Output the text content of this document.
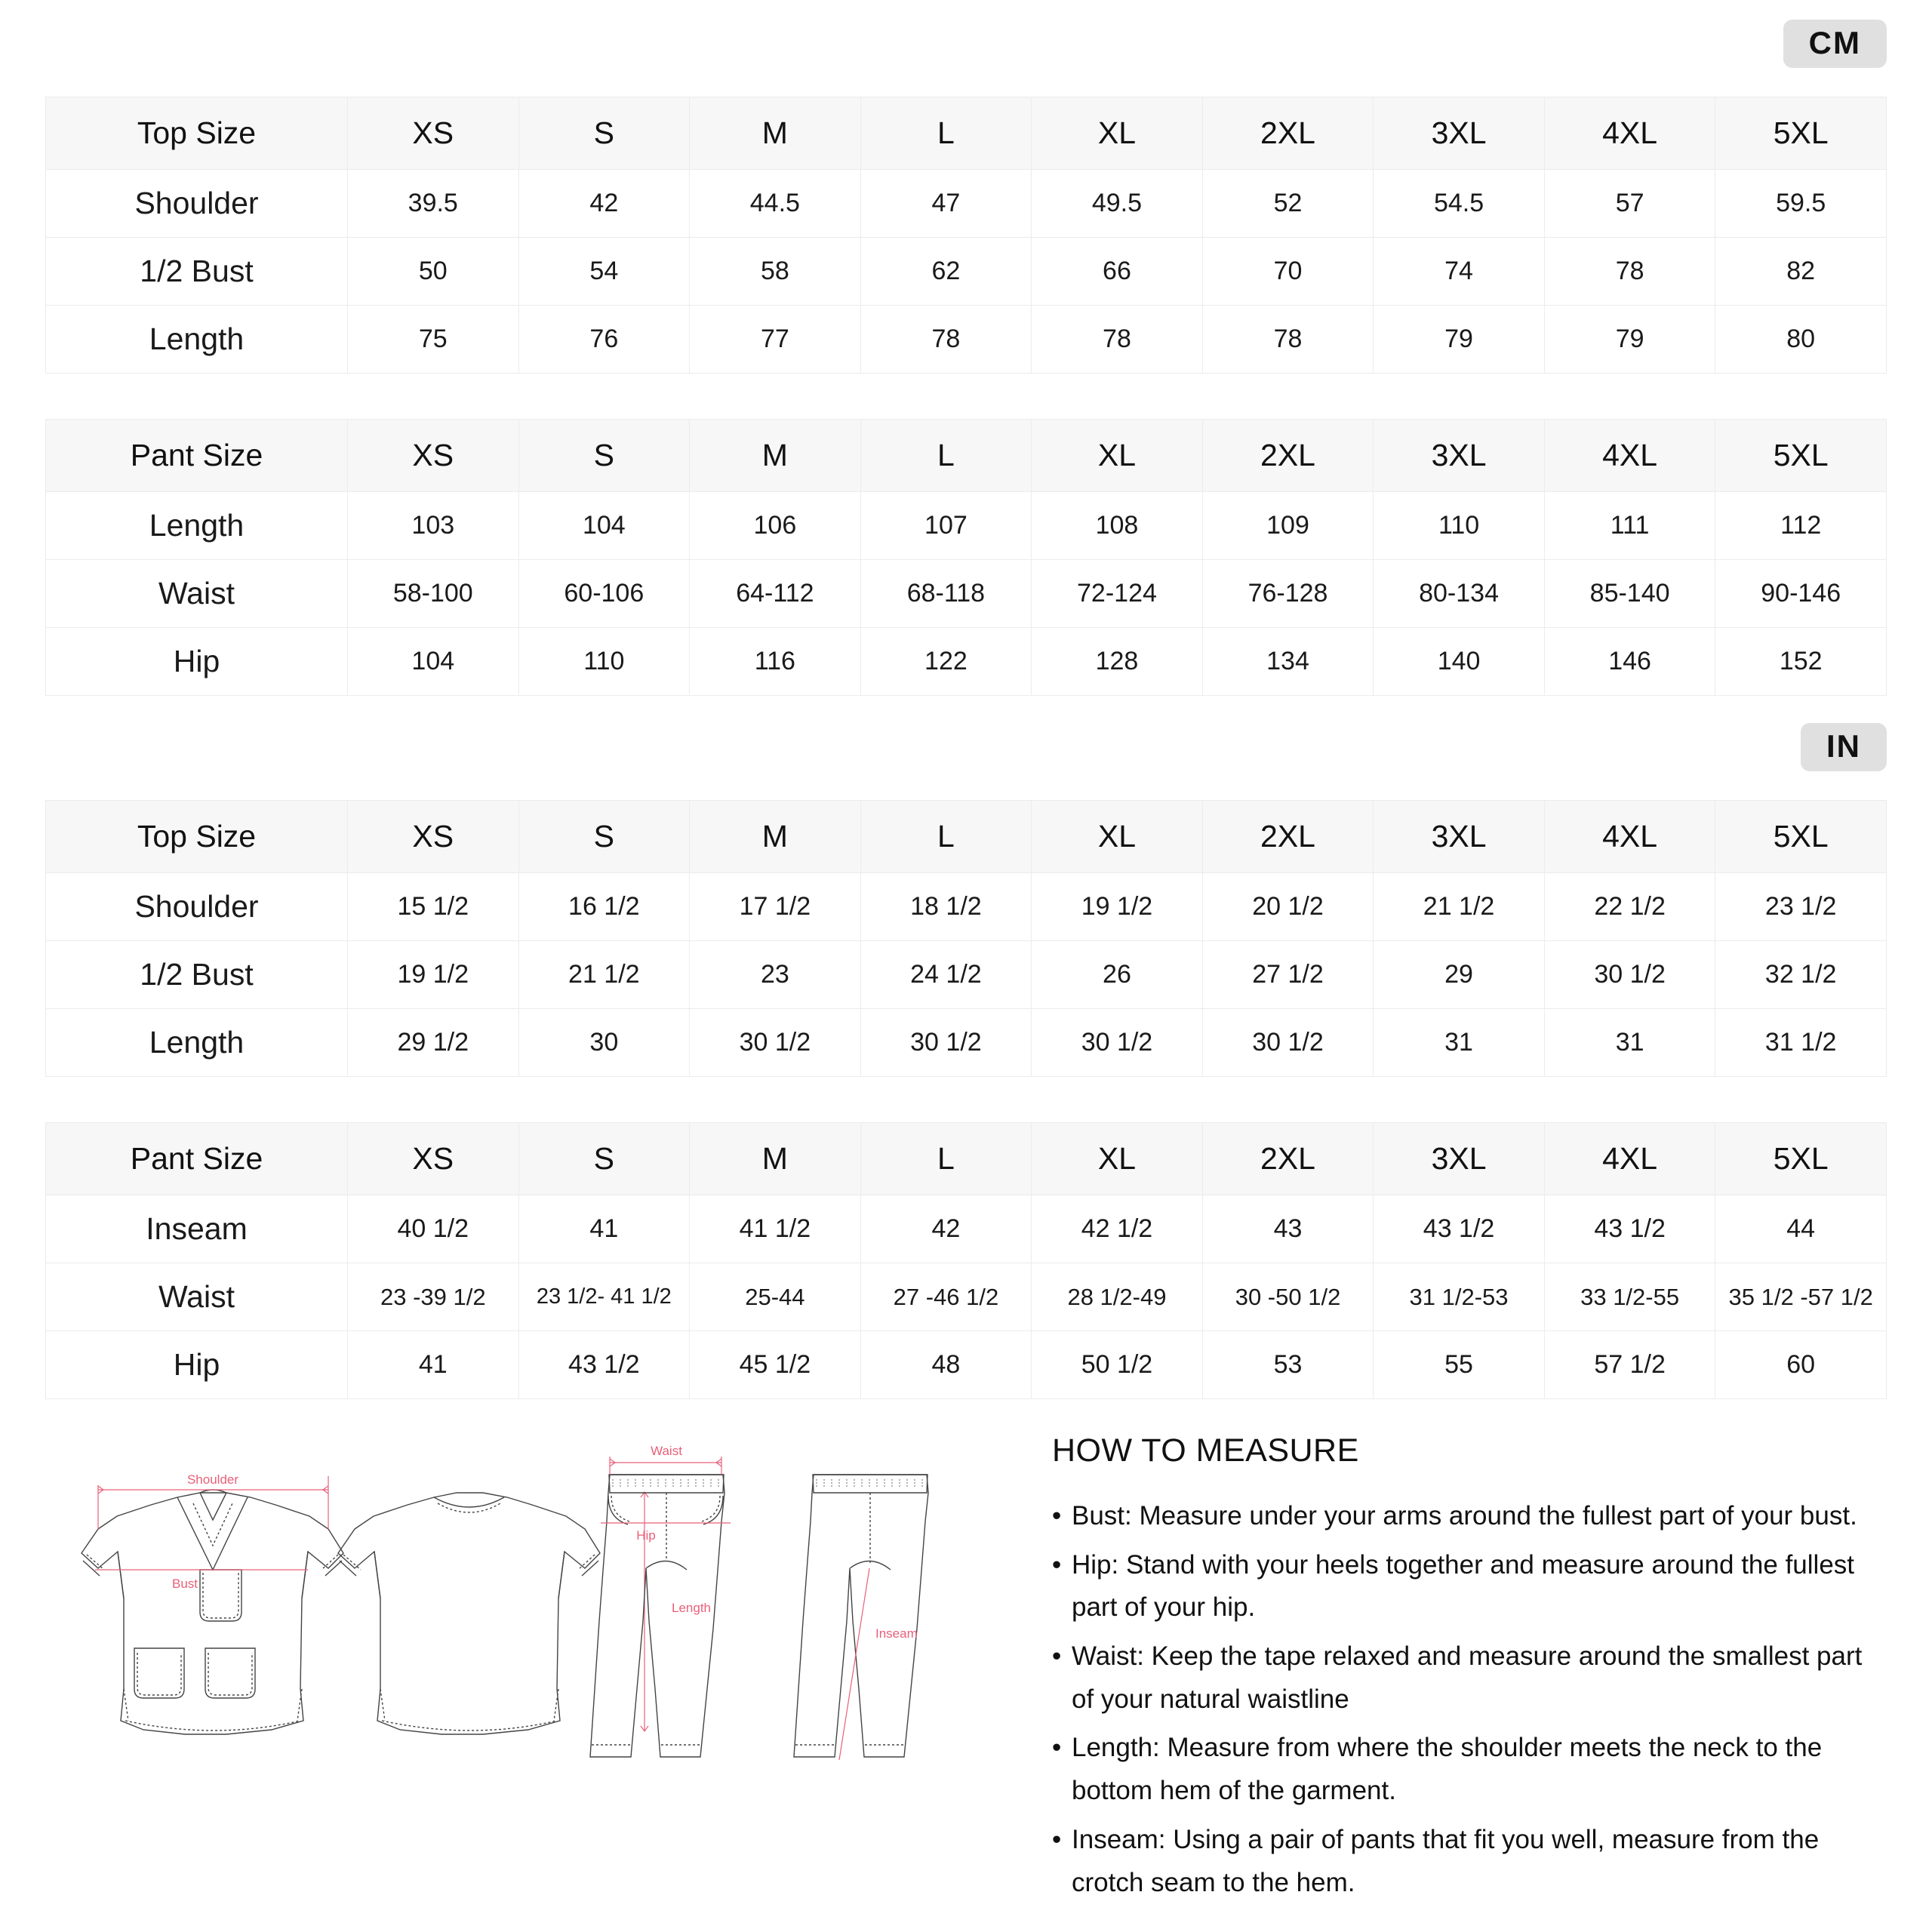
CM
Top Size	XS	S	M	L	XL	2XL	3XL	4XL	5XL
Shoulder	39.5	42	44.5	47	49.5	52	54.5	57	59.5
1/2 Bust	50	54	58	62	66	70	74	78	82
Length	75	76	77	78	78	78	79	79	80
Pant Size	XS	S	M	L	XL	2XL	3XL	4XL	5XL
Length	103	104	106	107	108	109	110	111	112
Waist	58-100	60-106	64-112	68-118	72-124	76-128	80-134	85-140	90-146
Hip	104	110	116	122	128	134	140	146	152
IN
Top Size	XS	S	M	L	XL	2XL	3XL	4XL	5XL
Shoulder	15 1/2	16 1/2	17 1/2	18 1/2	19 1/2	20 1/2	21 1/2	22 1/2	23 1/2
1/2 Bust	19 1/2	21 1/2	23	24 1/2	26	27 1/2	29	30 1/2	32 1/2
Length	29 1/2	30	30 1/2	30 1/2	30 1/2	30 1/2	31	31	31 1/2
Pant Size	XS	S	M	L	XL	2XL	3XL	4XL	5XL
Inseam	40 1/2	41	41 1/2	42	42 1/2	43	43 1/2	43 1/2	44
Waist	23 -39 1/2	23 1/2- 41 1/2	25-44	27 -46 1/2	28 1/2-49	30 -50 1/2	31 1/2-53	33 1/2-55	35 1/2 -57 1/2
Hip	41	43 1/2	45 1/2	48	50 1/2	53	55	57 1/2	60
Shoulder
Bust
Length
Waist
Hip
Inseam
HOW TO MEASURE
• Bust: Measure under your arms around the fullest part of your bust.
• Hip: Stand with your heels together and measure around the fullest part of your hip.
• Waist: Keep the tape relaxed and measure around the smallest part of your natural waistline
• Length: Measure from where the shoulder meets the neck to the bottom hem of the garment.
• Inseam: Using a pair of pants that fit you well, measure from the crotch seam to the hem.
